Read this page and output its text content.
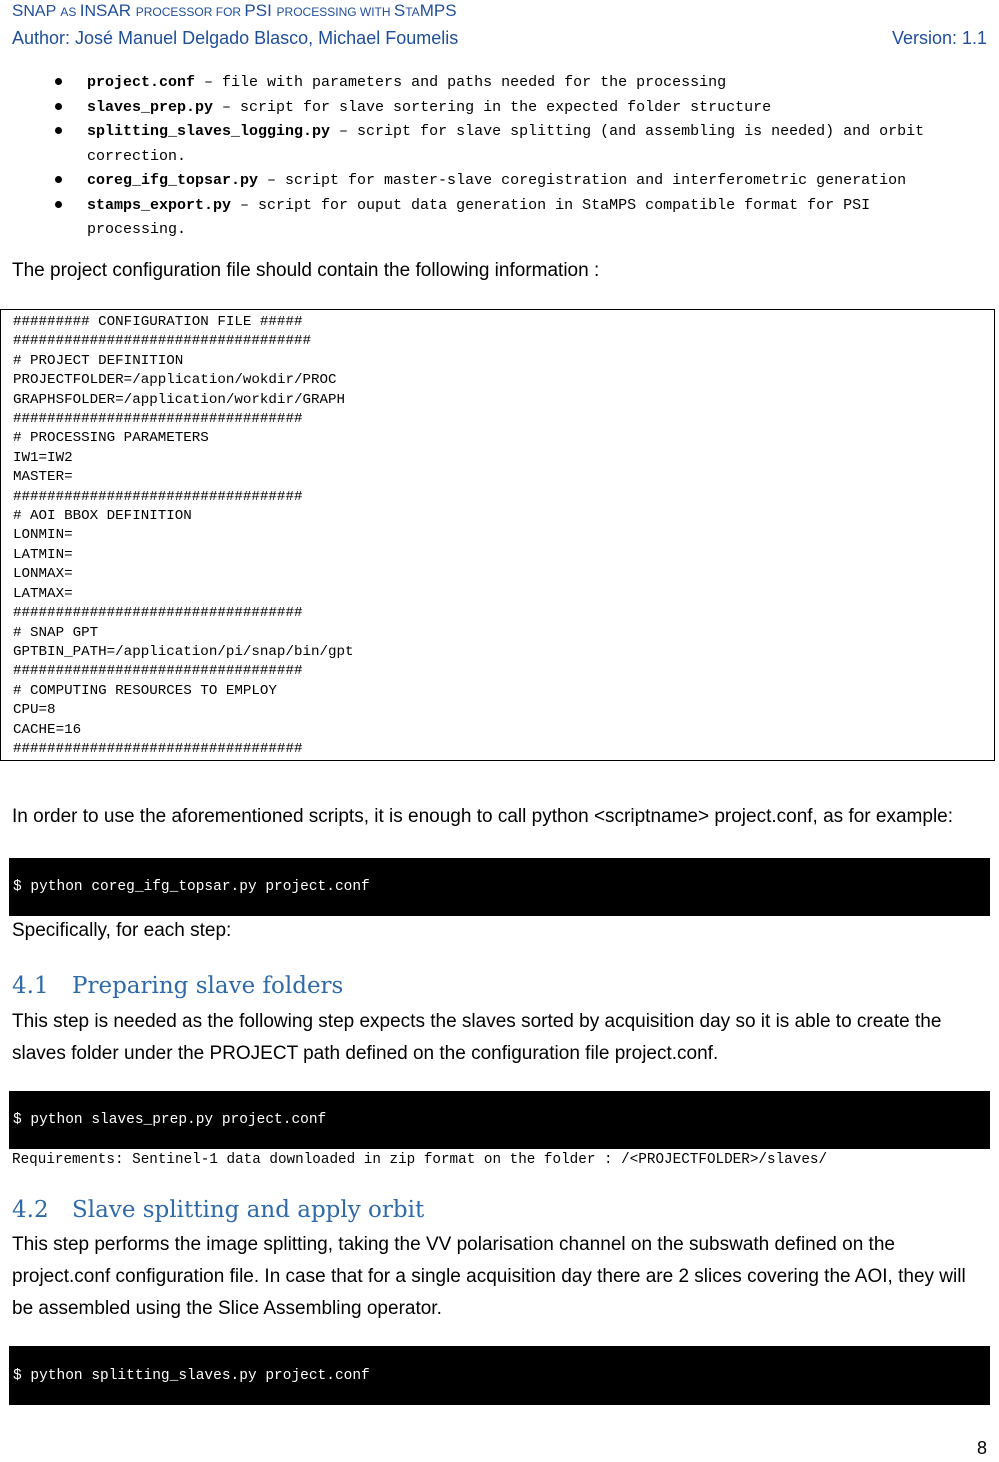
SNAP AS INSAR PROCESSOR FOR PSI PROCESSING WITH STAMPS
Author: José Manuel Delgado Blasco, Michael Foumelis	Version: 1.1
project.conf – file with parameters and paths needed for the processing
slaves_prep.py – script for slave sortering in the expected folder structure
splitting_slaves_logging.py – script for slave splitting (and assembling is needed) and orbit correction.
coreg_ifg_topsar.py – script for master-slave coregistration and interferometric generation
stamps_export.py – script for ouput data generation in StaMPS compatible format for PSI processing.
The project configuration file should contain the following information :
######### CONFIGURATION FILE #####
###################################
# PROJECT DEFINITION
PROJECTFOLDER=/application/wokdir/PROC
GRAPHSFOLDER=/application/workdir/GRAPH
##################################
# PROCESSING PARAMETERS
IW1=IW2
MASTER=
##################################
# AOI BBOX DEFINITION
LONMIN=
LATMIN=
LONMAX=
LATMAX=
##################################
# SNAP GPT
GPTBIN_PATH=/application/pi/snap/bin/gpt
##################################
# COMPUTING RESOURCES TO EMPLOY
CPU=8
CACHE=16
##################################
In order to use the aforementioned scripts, it is enough to call python <scriptname> project.conf, as for example:
$ python coreg_ifg_topsar.py project.conf
Specifically, for each step:
4.1 Preparing slave folders
This step is needed as the following step expects the slaves sorted by acquisition day so it is able to create the slaves folder under the PROJECT path defined on the configuration file project.conf.
$ python slaves_prep.py project.conf
Requirements: Sentinel-1 data downloaded in zip format on the folder : /<PROJECTFOLDER>/slaves/
4.2 Slave splitting and apply orbit
This step performs the image splitting, taking the VV polarisation channel on the subswath defined on the project.conf configuration file. In case that for a single acquisition day there are 2 slices covering the AOI, they will be assembled using the Slice Assembling operator.
$ python splitting_slaves.py project.conf
8
